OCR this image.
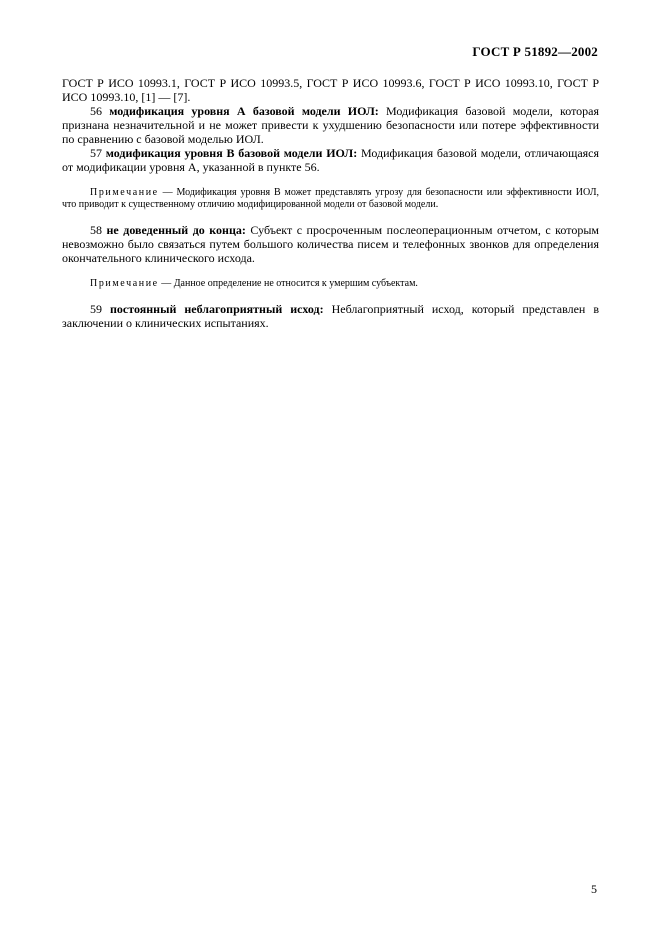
ГОСТ Р 51892—2002

ГОСТ Р ИСО 10993.1, ГОСТ Р ИСО 10993.5, ГОСТ Р ИСО 10993.6, ГОСТ Р ИСО 10993.10, ГОСТ Р ИСО 10993.10, [1] — [7].

56 модификация уровня А базовой модели ИОЛ: Модификация базовой модели, которая признана незначительной и не может привести к ухудшению безопасности или потере эффективности по сравнению с базовой моделью ИОЛ.

57 модификация уровня В базовой модели ИОЛ: Модификация базовой модели, отличающаяся от модификации уровня А, указанной в пункте 56.

Примечание — Модификация уровня В может представлять угрозу для безопасности или эффективности ИОЛ, что приводит к существенному отличию модифицированной модели от базовой модели.

58 не доведенный до конца: Субъект с просроченным послеоперационным отчетом, с которым невозможно было связаться путем большого количества писем и телефонных звонков для определения окончательного клинического исхода.

Примечание — Данное определение не относится к умершим субъектам.

59 постоянный неблагоприятный исход: Неблагоприятный исход, который представлен в заключении о клинических испытаниях.

5
